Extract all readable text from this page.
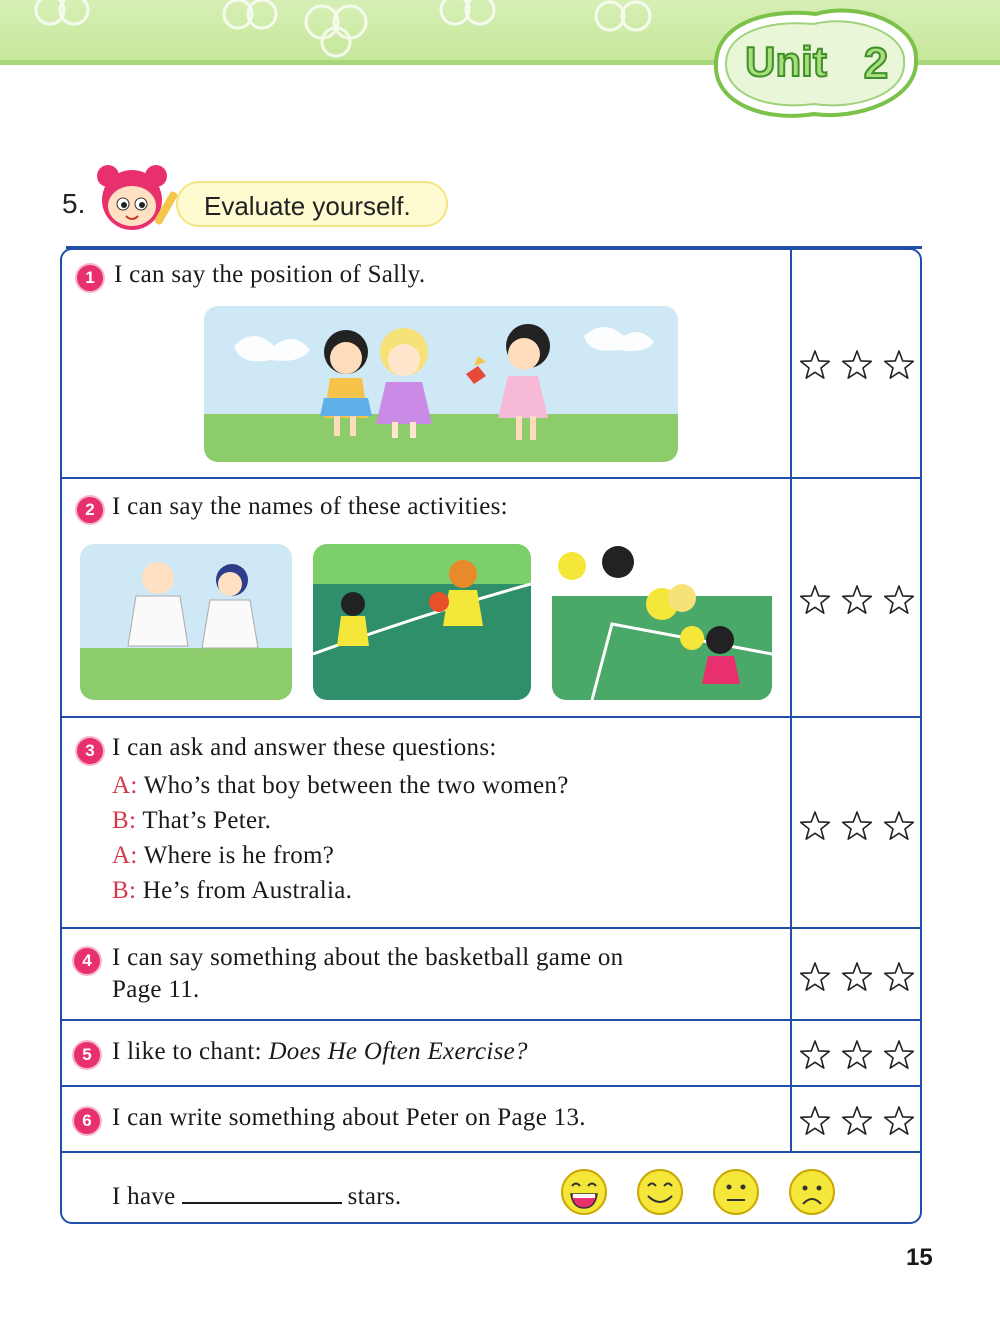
Unit 2
5.	Evaluate yourself.
1 I can say the position of Sally.
2 I can say the names of these activities:
3 I can ask and answer these questions:
A: Who’s that boy between the two women?
B: That’s Peter.
A: Where is he from?
B: He’s from Australia.
4 I can say something about the basketball game on
Page 11.
5 I like to chant: Does He Often Exercise?
6 I can write something about Peter on Page 13.
I have	stars.
15
